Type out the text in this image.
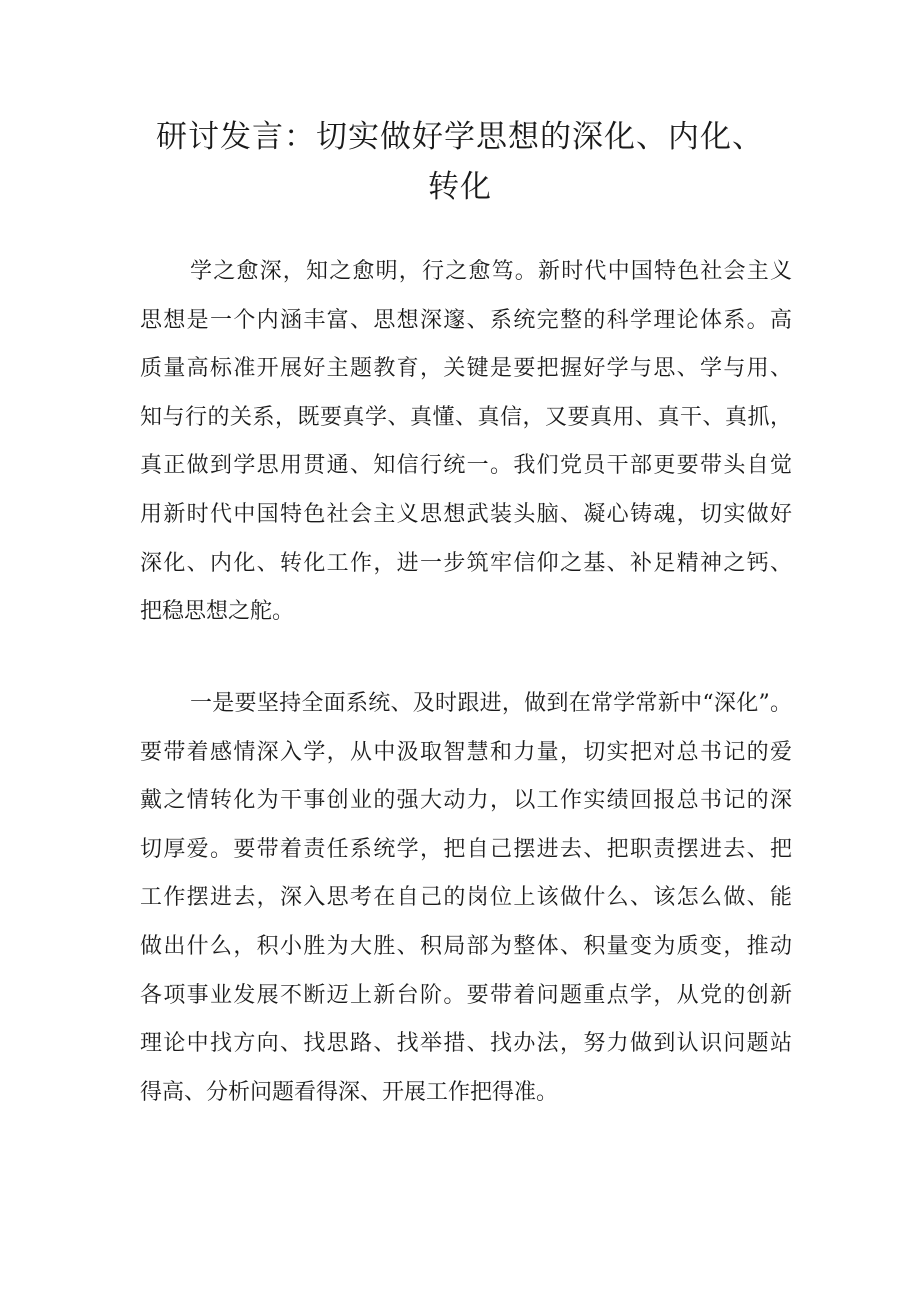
研讨发言：切实做好学思想的深化、内化、
转化
学之愈深，知之愈明，行之愈笃。新时代中国特色社会主义
思想是一个内涵丰富、思想深邃、系统完整的科学理论体系。高
质量高标准开展好主题教育，关键是要把握好学与思、学与用、
知与行的关系，既要真学、真懂、真信，又要真用、真干、真抓，
真正做到学思用贯通、知信行统一。我们党员干部更要带头自觉
用新时代中国特色社会主义思想武装头脑、凝心铸魂，切实做好
深化、内化、转化工作，进一步筑牢信仰之基、补足精神之钙、
把稳思想之舵。
一是要坚持全面系统、及时跟进，做到在常学常新中“深化”。
要带着感情深入学，从中汲取智慧和力量，切实把对总书记的爱
戴之情转化为干事创业的强大动力，以工作实绩回报总书记的深
切厚爱。要带着责任系统学，把自己摆进去、把职责摆进去、把
工作摆进去，深入思考在自己的岗位上该做什么、该怎么做、能
做出什么，积小胜为大胜、积局部为整体、积量变为质变，推动
各项事业发展不断迈上新台阶。要带着问题重点学，从党的创新
理论中找方向、找思路、找举措、找办法，努力做到认识问题站
得高、分析问题看得深、开展工作把得准。
